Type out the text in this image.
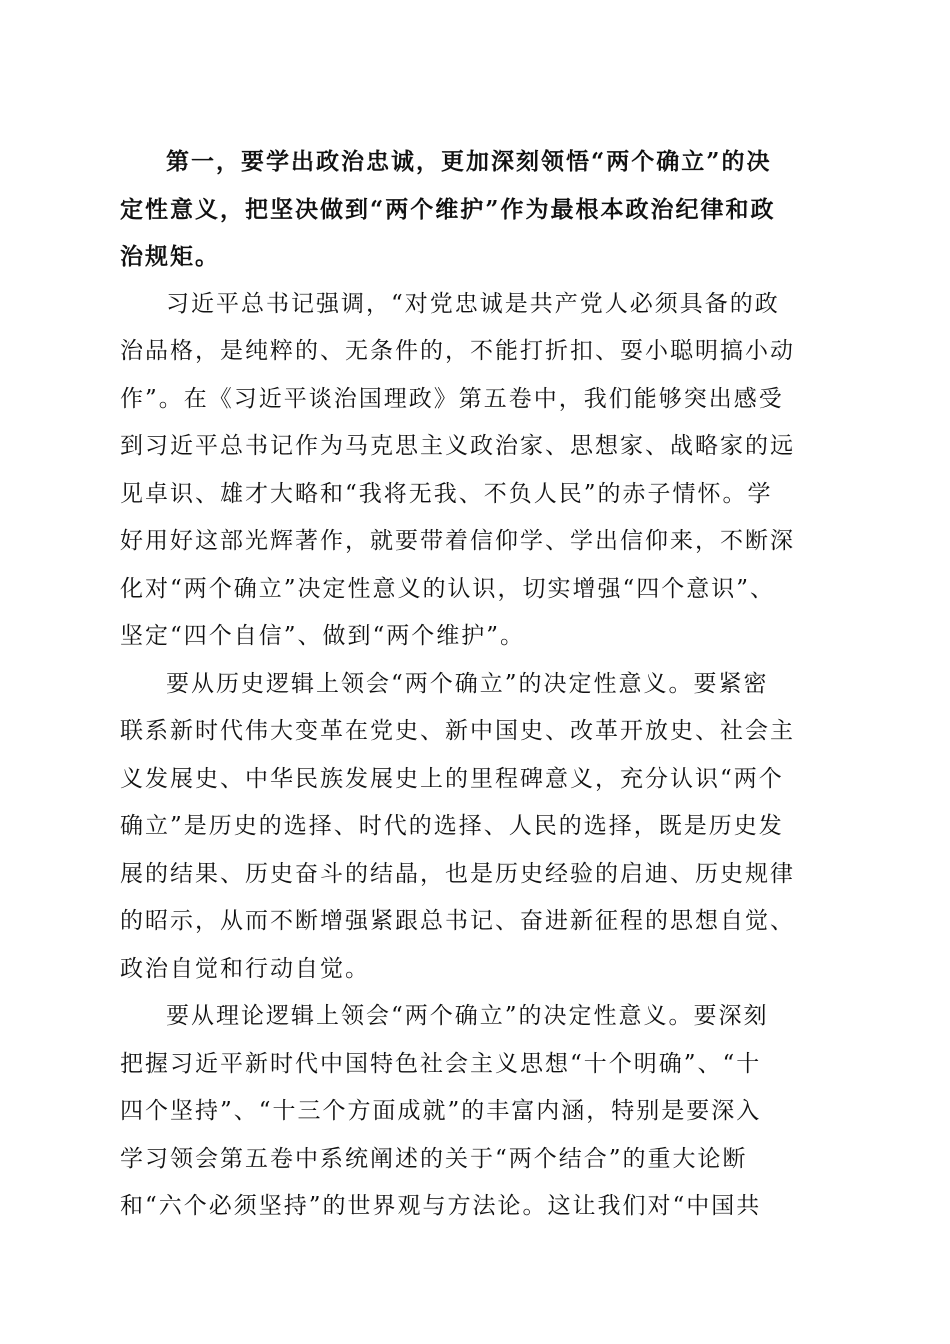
第一，要学出政治忠诚，更加深刻领悟“两个确立”的决
定性意义，把坚决做到“两个维护”作为最根本政治纪律和政
治规矩。

习近平总书记强调，“对党忠诚是共产党人必须具备的政
治品格，是纯粹的、无条件的，不能打折扣、耍小聪明搞小动
作”。在《习近平谈治国理政》第五卷中，我们能够突出感受
到习近平总书记作为马克思主义政治家、思想家、战略家的远
见卓识、雄才大略和“我将无我、不负人民”的赤子情怀。学
好用好这部光辉著作，就要带着信仰学、学出信仰来，不断深
化对“两个确立”决定性意义的认识，切实增强“四个意识”、
坚定“四个自信”、做到“两个维护”。

要从历史逻辑上领会“两个确立”的决定性意义。要紧密
联系新时代伟大变革在党史、新中国史、改革开放史、社会主
义发展史、中华民族发展史上的里程碑意义，充分认识“两个
确立”是历史的选择、时代的选择、人民的选择，既是历史发
展的结果、历史奋斗的结晶，也是历史经验的启迪、历史规律
的昭示，从而不断增强紧跟总书记、奋进新征程的思想自觉、
政治自觉和行动自觉。

要从理论逻辑上领会“两个确立”的决定性意义。要深刻
把握习近平新时代中国特色社会主义思想“十个明确”、“十
四个坚持”、“十三个方面成就”的丰富内涵，特别是要深入
学习领会第五卷中系统阐述的关于“两个结合”的重大论断
和“六个必须坚持”的世界观与方法论。这让我们对“中国共
